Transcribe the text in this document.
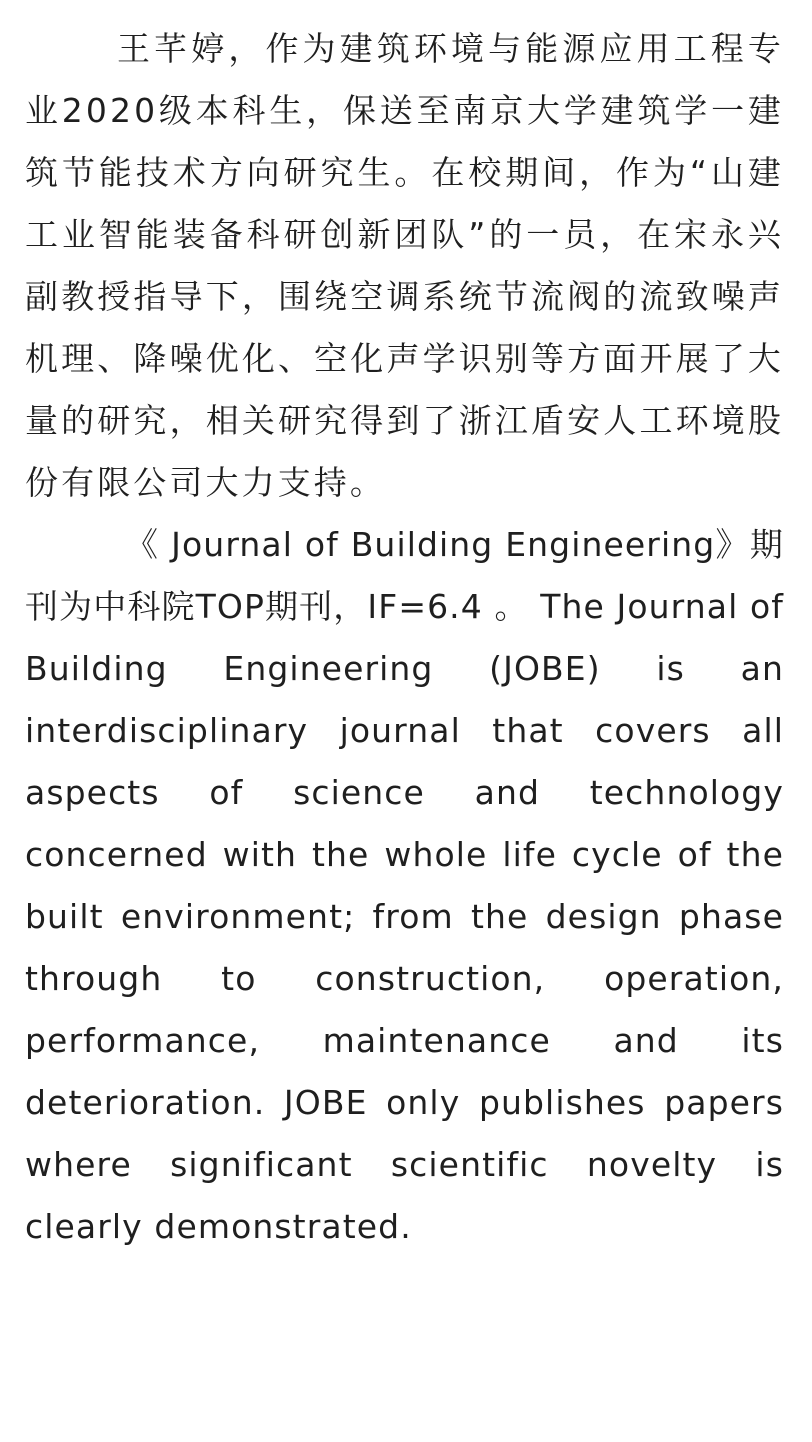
王芊婷，作为建筑环境与能源应用工程专业2020级本科生，保送至南京大学建筑学一建筑节能技术方向研究生。在校期间，作为“山建工业智能装备科研创新团队”的一员，在宋永兴副教授指导下，围绕空调系统节流阀的流致噪声机理、降噪优化、空化声学识别等方面开展了大量的研究，相关研究得到了浙江盾安人工环境股份有限公司大力支持。

《 Journal of Building Engineering》期刊为中科院TOP期刊，IF=6.4 。 The Journal of Building Engineering (JOBE) is an interdisciplinary journal that covers all aspects of science and technology concerned with the whole life cycle of the built environment; from the design phase through to construction, operation, performance, maintenance and its deterioration. JOBE only publishes papers where significant scientific novelty is clearly demonstrated.
